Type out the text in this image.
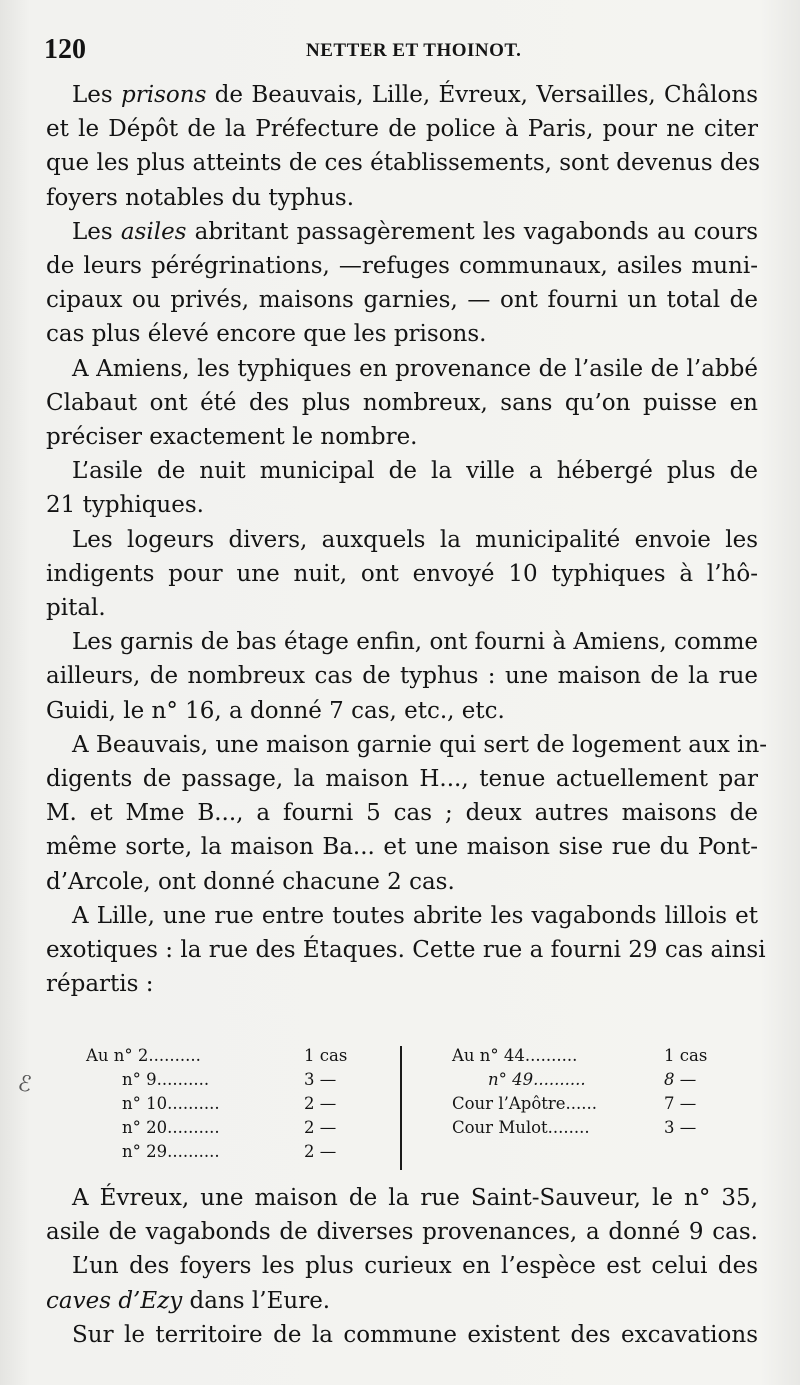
120	NETTER ET THOINOT.
Les prisons de Beauvais, Lille, Évreux, Versailles, Châlons
et le Dépôt de la Préfecture de police à Paris, pour ne citer
que les plus atteints de ces établissements, sont devenus des
foyers notables du typhus.
Les asiles abritant passagèrement les vagabonds au cours
de leurs pérégrinations, —refuges communaux, asiles muni-
cipaux ou privés, maisons garnies, — ont fourni un total de
cas plus élevé encore que les prisons.
A Amiens, les typhiques en provenance de l’asile de l’abbé
Clabaut ont été des plus nombreux, sans qu’on puisse en
préciser exactement le nombre.
L’asile de nuit municipal de la ville a hébergé plus de
21 typhiques.
Les logeurs divers, auxquels la municipalité envoie les
indigents pour une nuit, ont envoyé 10 typhiques à l’hô-
pital.
Les garnis de bas étage enfin, ont fourni à Amiens, comme
ailleurs, de nombreux cas de typhus : une maison de la rue
Guidi, le n° 16, a donné 7 cas, etc., etc.
A Beauvais, une maison garnie qui sert de logement aux in-
digents de passage, la maison H..., tenue actuellement par
M. et Mme B..., a fourni 5 cas ; deux autres maisons de
même sorte, la maison Ba... et une maison sise rue du Pont-
d’Arcole, ont donné chacune 2 cas.
A Lille, une rue entre toutes abrite les vagabonds lillois et
exotiques : la rue des Étaques. Cette rue a fourni 29 cas ainsi
répartis :
Au n° 2..........	1 cas
n° 9..........	3 —
n° 10..........	2 —
n° 20..........	2 —
n° 29..........	2 —
Au n° 44..........	1 cas
n° 49..........	8 —
Cour l’Apôtre......	7 —
Cour Mulot........	3 —
ℰ
A Évreux, une maison de la rue Saint-Sauveur, le n° 35,
asile de vagabonds de diverses provenances, a donné 9 cas.
L’un des foyers les plus curieux en l’espèce est celui des
caves d’Ezy dans l’Eure.
Sur le territoire de la commune existent des excavations
